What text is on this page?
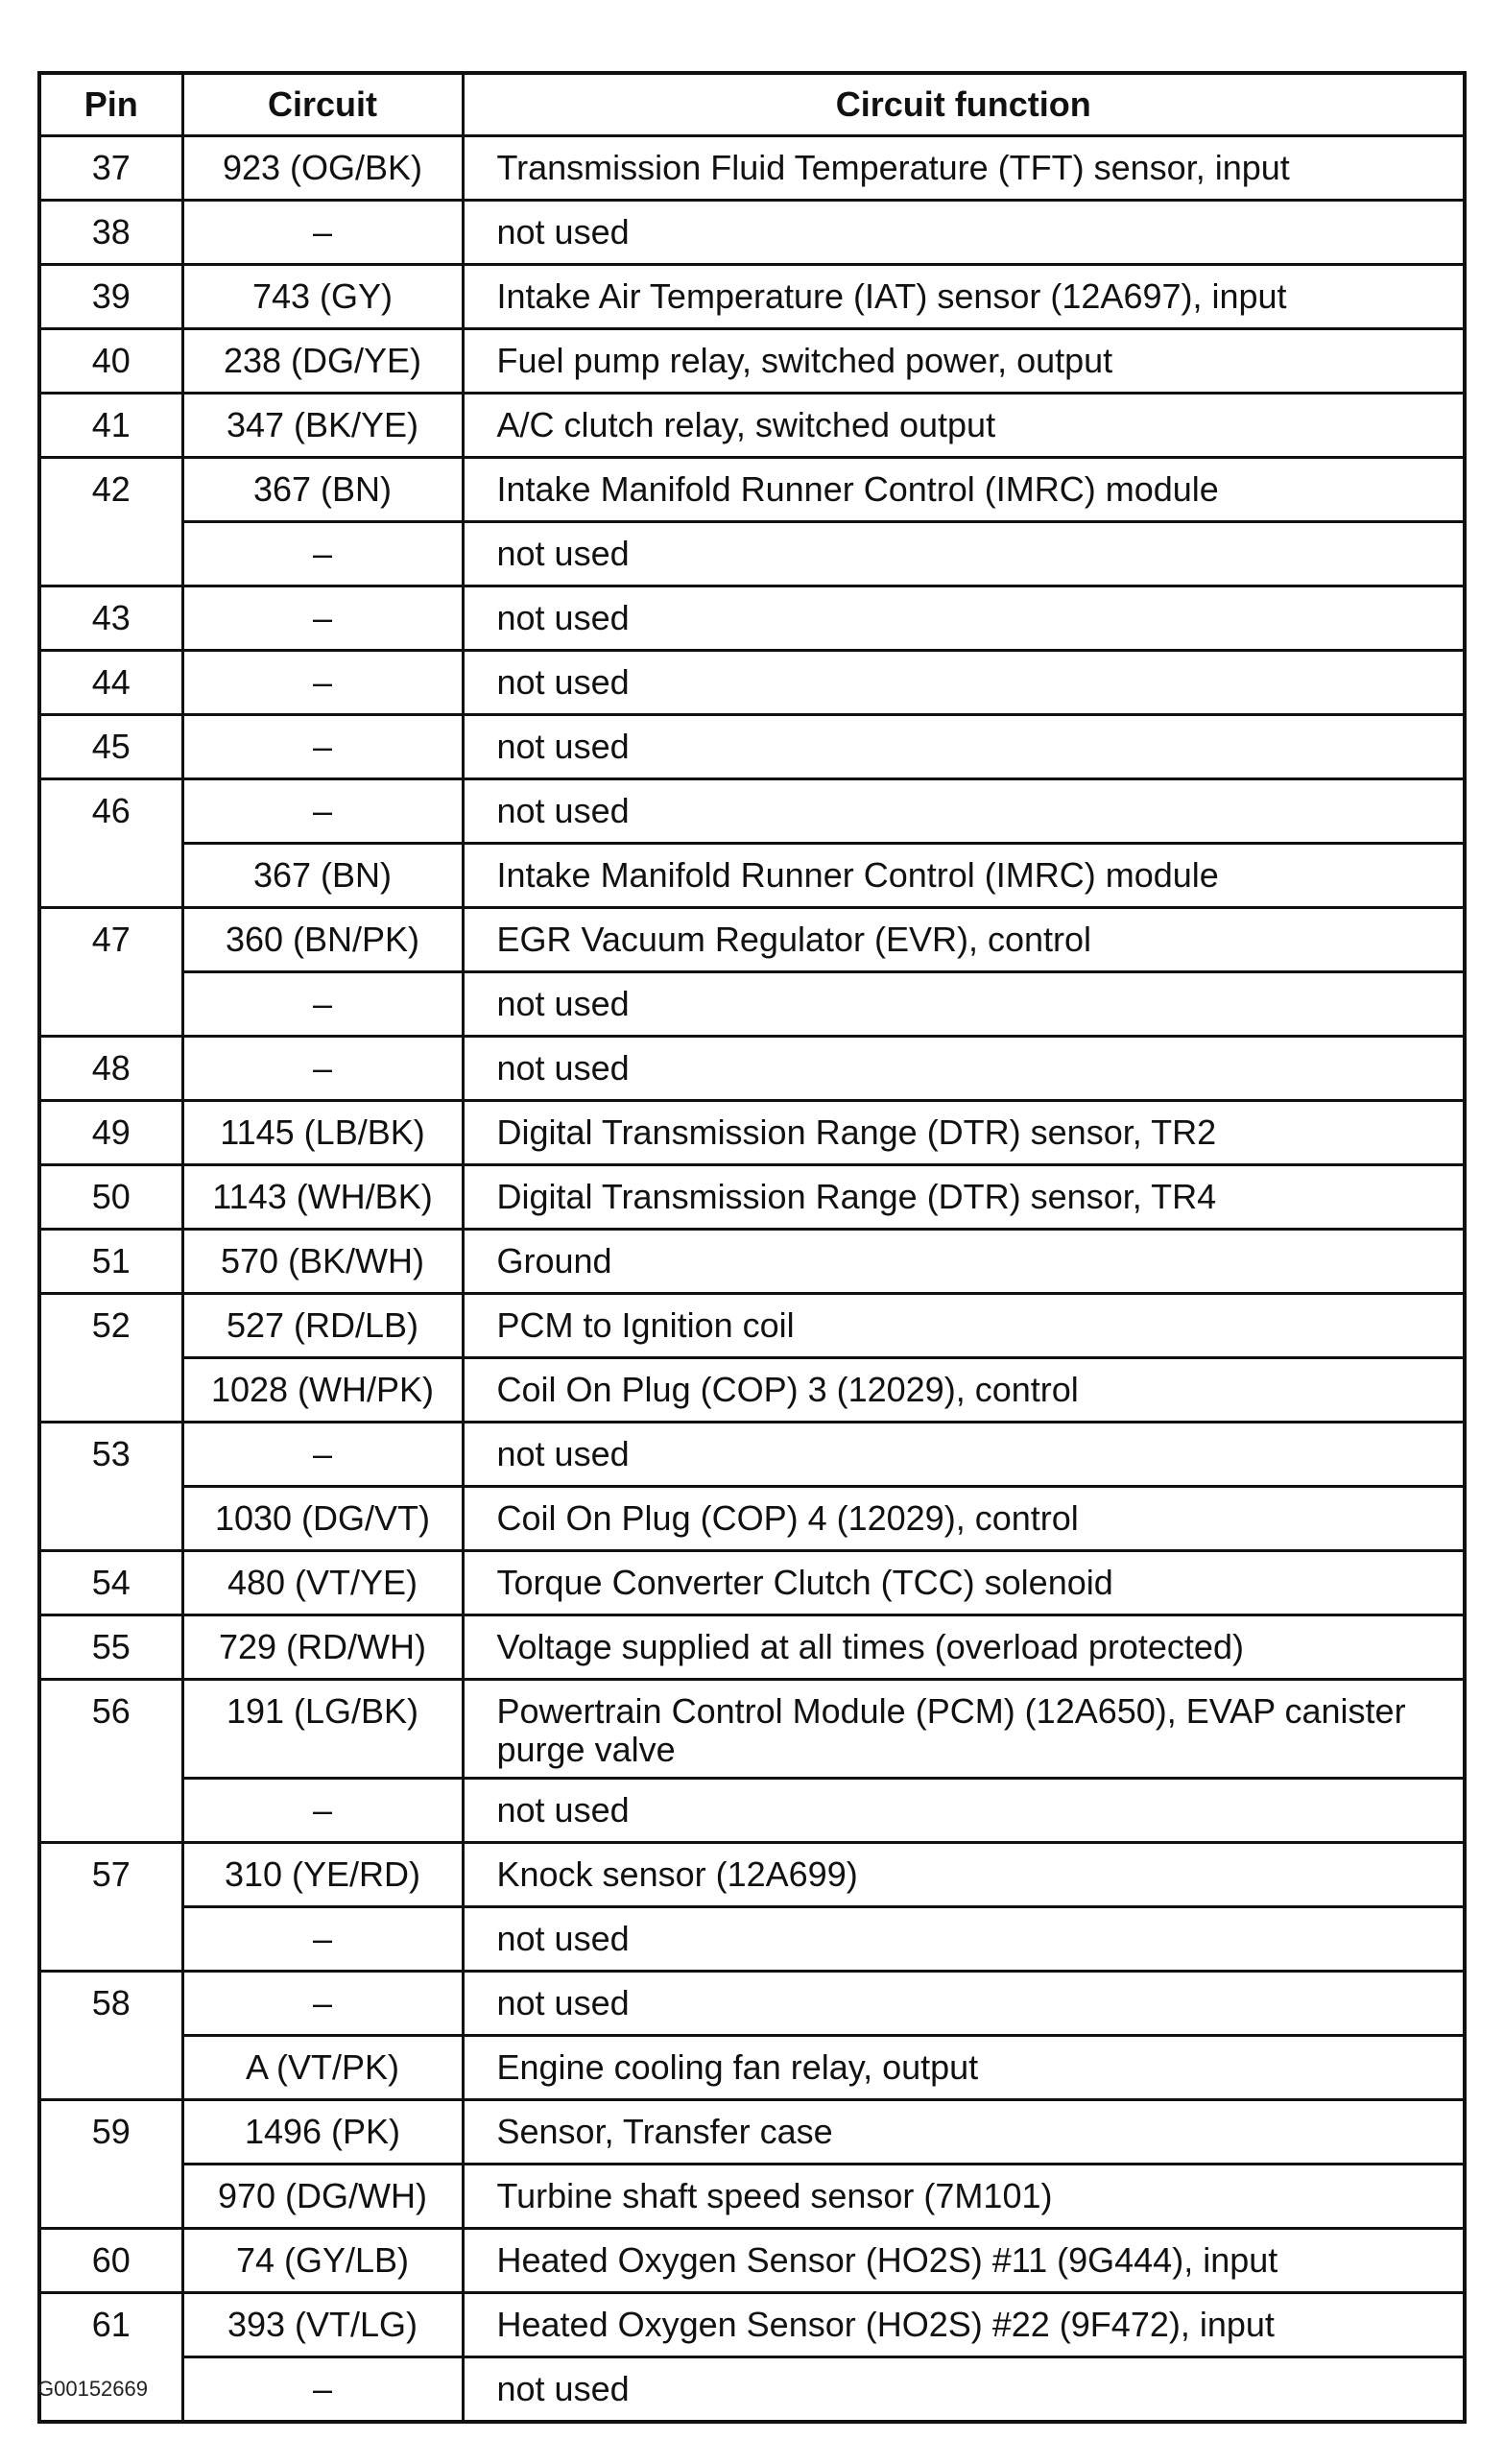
Pin	Circuit	Circuit function
37	923 (OG/BK)	Transmission Fluid Temperature (TFT) sensor, input
38	–	not used
39	743 (GY)	Intake Air Temperature (IAT) sensor (12A697), input
40	238 (DG/YE)	Fuel pump relay, switched power, output
41	347 (BK/YE)	A/C clutch relay, switched output
42	367 (BN)	Intake Manifold Runner Control (IMRC) module
	–	not used
43	–	not used
44	–	not used
45	–	not used
46	–	not used
	367 (BN)	Intake Manifold Runner Control (IMRC) module
47	360 (BN/PK)	EGR Vacuum Regulator (EVR), control
	–	not used
48	–	not used
49	1145 (LB/BK)	Digital Transmission Range (DTR) sensor, TR2
50	1143 (WH/BK)	Digital Transmission Range (DTR) sensor, TR4
51	570 (BK/WH)	Ground
52	527 (RD/LB)	PCM to Ignition coil
	1028 (WH/PK)	Coil On Plug (COP) 3 (12029), control
53	–	not used
	1030 (DG/VT)	Coil On Plug (COP) 4 (12029), control
54	480 (VT/YE)	Torque Converter Clutch (TCC) solenoid
55	729 (RD/WH)	Voltage supplied at all times (overload protected)
56	191 (LG/BK)	Powertrain Control Module (PCM) (12A650), EVAP canister purge valve
	–	not used
57	310 (YE/RD)	Knock sensor (12A699)
	–	not used
58	–	not used
	A (VT/PK)	Engine cooling fan relay, output
59	1496 (PK)	Sensor, Transfer case
	970 (DG/WH)	Turbine shaft speed sensor (7M101)
60	74 (GY/LB)	Heated Oxygen Sensor (HO2S) #11 (9G444), input
61	393 (VT/LG)	Heated Oxygen Sensor (HO2S) #22 (9F472), input
	–	not used
G00152669
